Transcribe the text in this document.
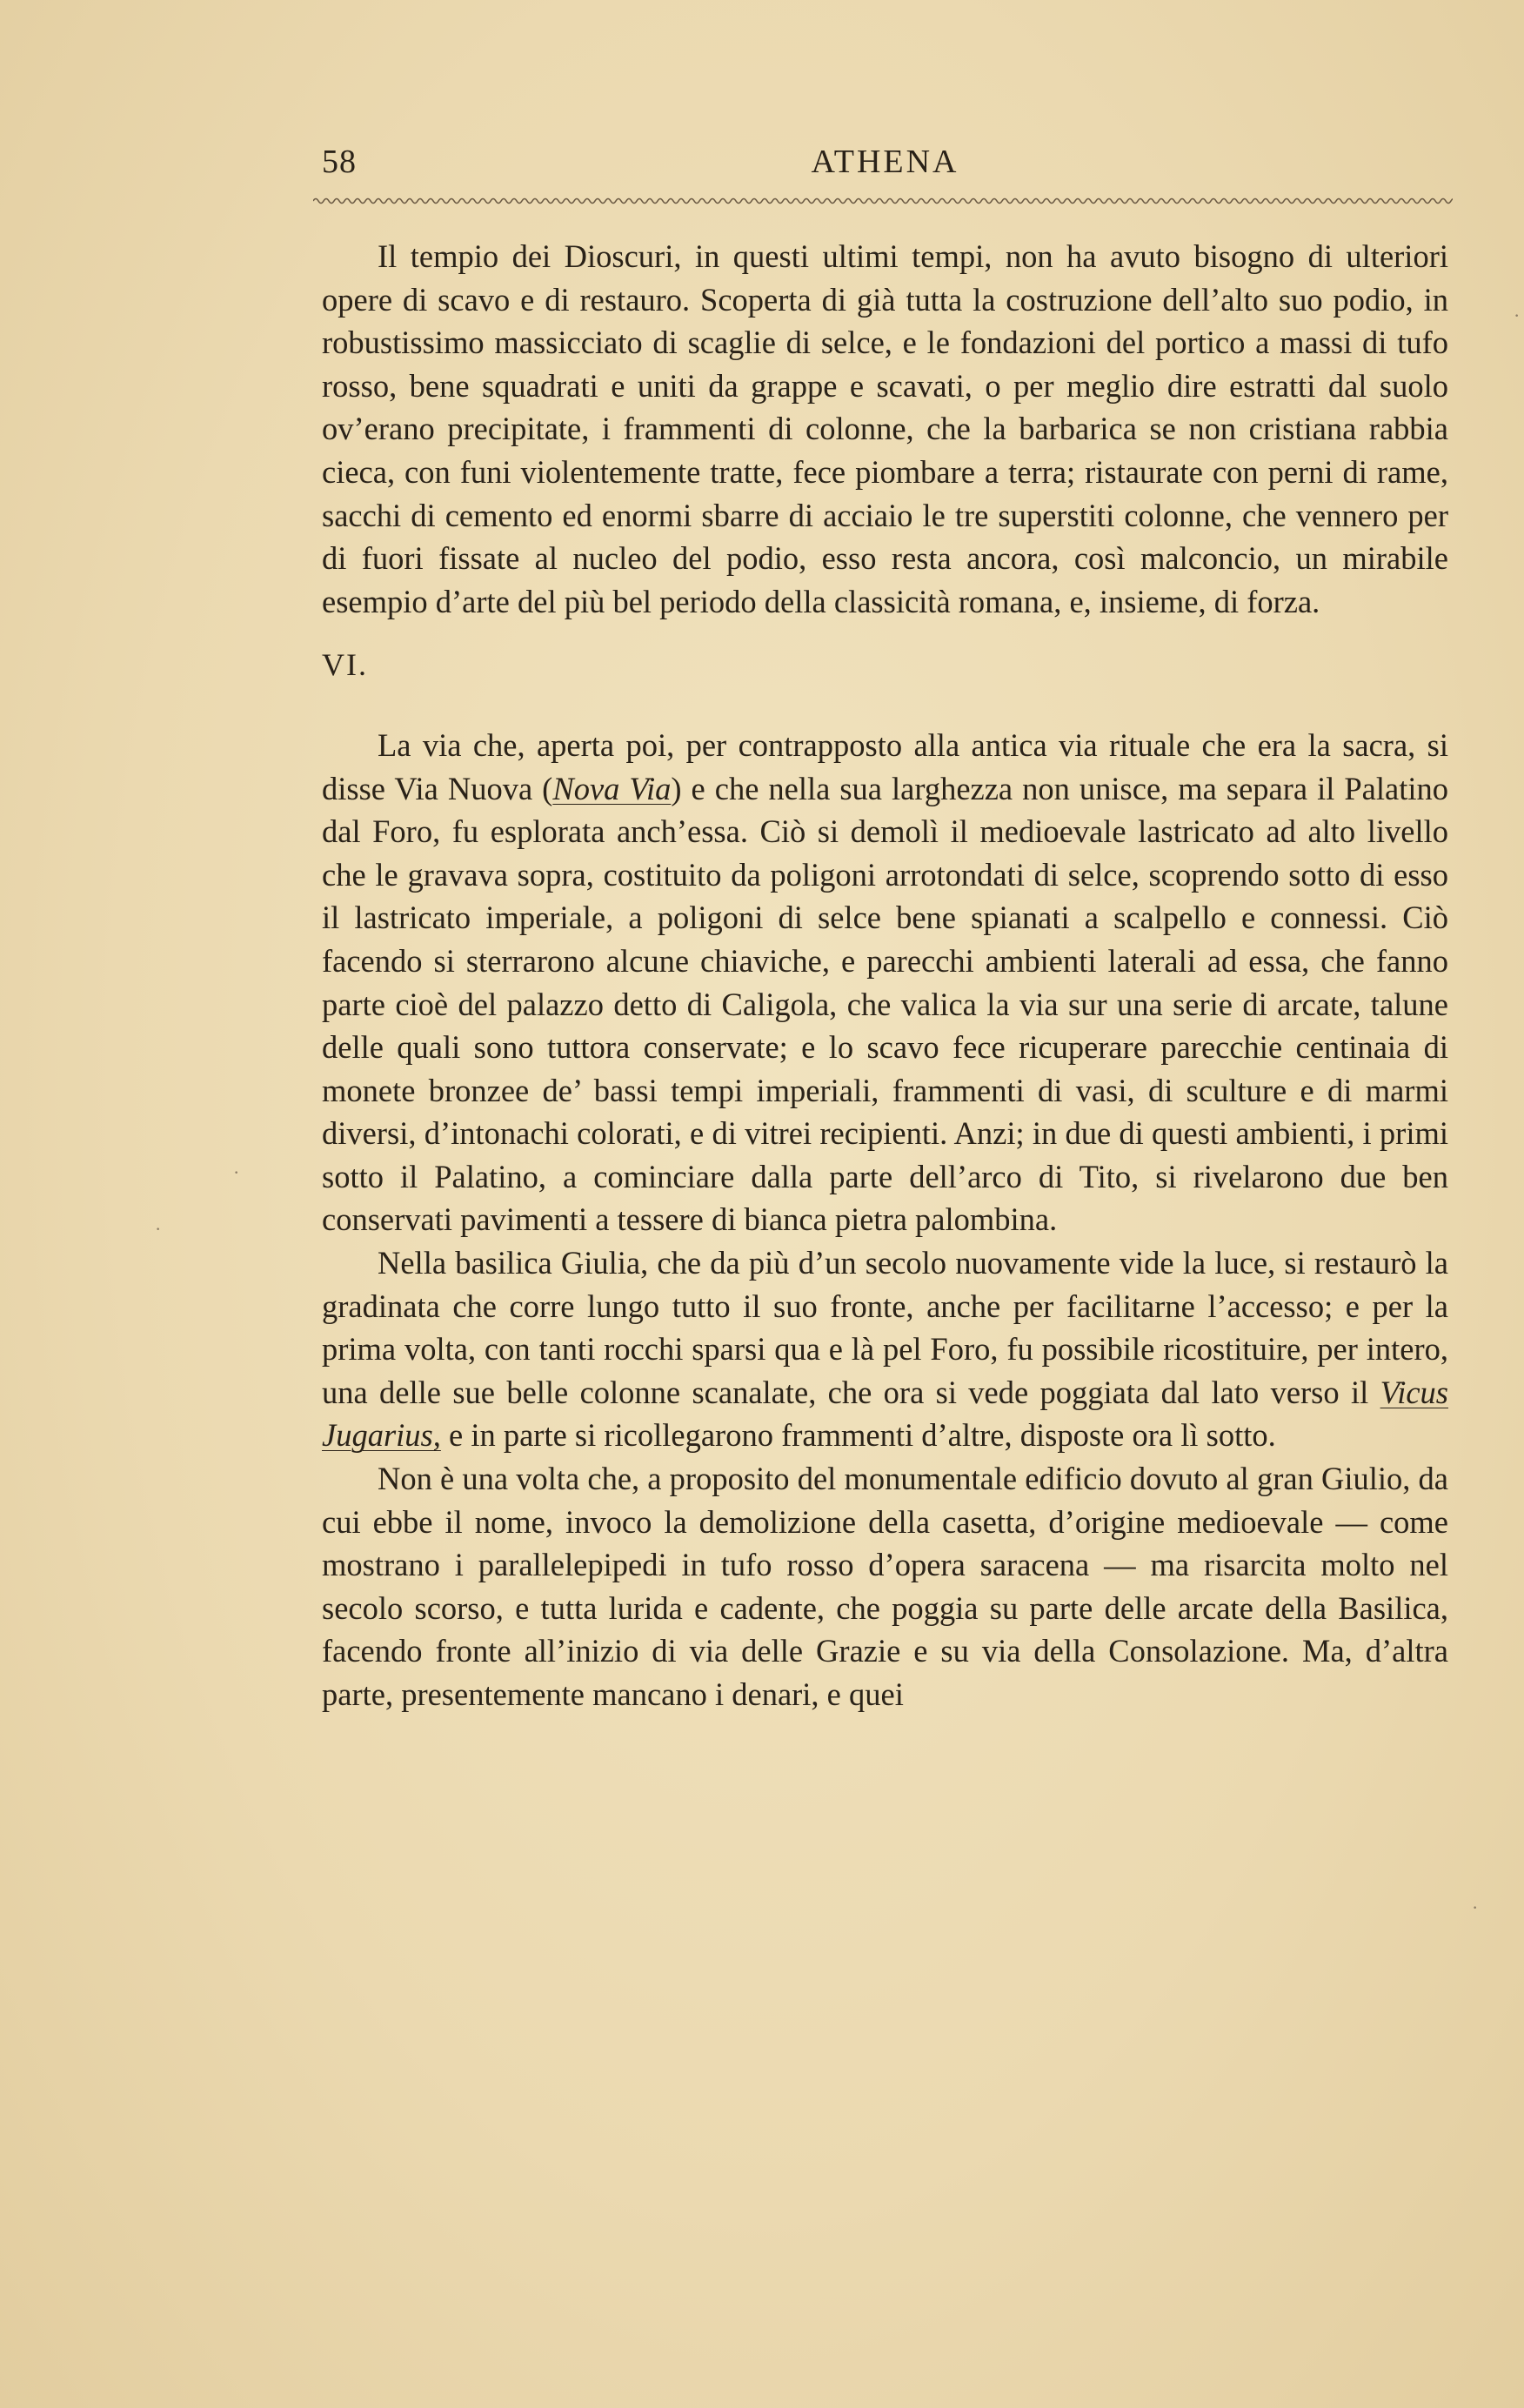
58	ATHENA

Il tempio dei Dioscuri, in questi ultimi tempi, non ha avuto bisogno di ulteriori opere di scavo e di restauro. Scoperta di già tutta la costruzione dell’alto suo podio, in robustissimo massicciato di scaglie di selce, e le fondazioni del portico a massi di tufo rosso, bene squadrati e uniti da grappe e scavati, o per meglio dire estratti dal suolo ov’erano precipitate, i frammenti di colonne, che la barbarica se non cristiana rabbia cieca, con funi violentemente tratte, fece piombare a terra; ristaurate con perni di rame, sacchi di cemento ed enormi sbarre di acciaio le tre superstiti colonne, che vennero per di fuori fissate al nucleo del podio, esso resta ancora, così malconcio, un mirabile esempio d’arte del più bel periodo della classicità romana, e, insieme, di forza.

VI.

La via che, aperta poi, per contrapposto alla antica via rituale che era la sacra, si disse Via Nuova (Nova Via) e che nella sua larghezza non unisce, ma separa il Palatino dal Foro, fu esplorata anch’essa. Ciò si demolì il medioevale lastricato ad alto livello che le gravava sopra, costituito da poligoni arrotondati di selce, scoprendo sotto di esso il lastricato imperiale, a poligoni di selce bene spianati a scalpello e connessi. Ciò facendo si sterrarono alcune chiaviche, e parecchi ambienti laterali ad essa, che fanno parte cioè del palazzo detto di Caligola, che valica la via sur una serie di arcate, talune delle quali sono tuttora conservate; e lo scavo fece ricuperare parecchie centinaia di monete bronzee de’ bassi tempi imperiali, frammenti di vasi, di sculture e di marmi diversi, d’intonachi colorati, e di vitrei recipienti. Anzi; in due di questi ambienti, i primi sotto il Palatino, a cominciare dalla parte dell’arco di Tito, si rivelarono due ben conservati pavimenti a tessere di bianca pietra palombina.

Nella basilica Giulia, che da più d’un secolo nuovamente vide la luce, si restaurò la gradinata che corre lungo tutto il suo fronte, anche per facilitarne l’accesso; e per la prima volta, con tanti rocchi sparsi qua e là pel Foro, fu possibile ricostituire, per intero, una delle sue belle colonne scanalate, che ora si vede poggiata dal lato verso il Vicus Jugarius, e in parte si ricollegarono frammenti d’altre, disposte ora lì sotto.

Non è una volta che, a proposito del monumentale edificio dovuto al gran Giulio, da cui ebbe il nome, invoco la demolizione della casetta, d’origine medioevale — come mostrano i parallelepipedi in tufo rosso d’opera saracena — ma risarcita molto nel secolo scorso, e tutta lurida e cadente, che poggia su parte delle arcate della Basilica, facendo fronte all’inizio di via delle Grazie e su via della Consolazione. Ma, d’altra parte, presentemente mancano i denari, e quei

·
·
·
·
